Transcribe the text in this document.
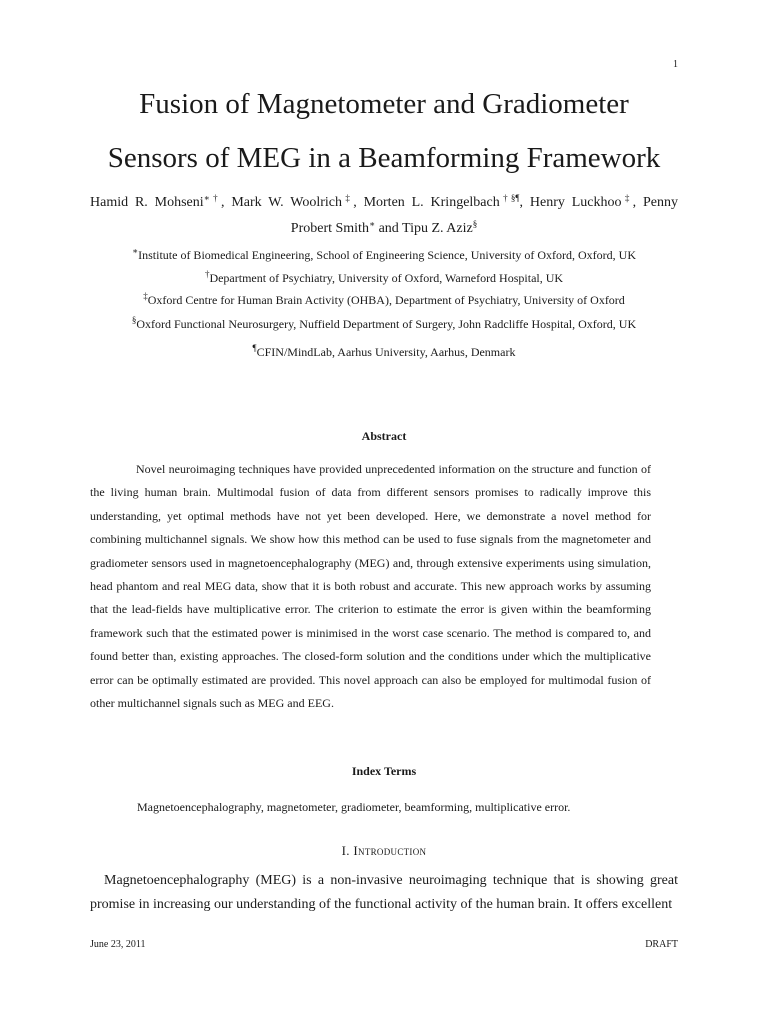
1
Fusion of Magnetometer and Gradiometer
Sensors of MEG in a Beamforming Framework
Hamid R. Mohseni∗†, Mark W. Woolrich‡, Morten L. Kringelbach†§¶, Henry Luckhoo‡, Penny
Probert Smith∗ and Tipu Z. Aziz§
∗Institute of Biomedical Engineering, School of Engineering Science, University of Oxford, Oxford, UK
†Department of Psychiatry, University of Oxford, Warneford Hospital, UK
‡Oxford Centre for Human Brain Activity (OHBA), Department of Psychiatry, University of Oxford
§Oxford Functional Neurosurgery, Nuffield Department of Surgery, John Radcliffe Hospital, Oxford, UK
¶CFIN/MindLab, Aarhus University, Aarhus, Denmark
Abstract
Novel neuroimaging techniques have provided unprecedented information on the structure and function of the living human brain. Multimodal fusion of data from different sensors promises to radically improve this understanding, yet optimal methods have not yet been developed. Here, we demonstrate a novel method for combining multichannel signals. We show how this method can be used to fuse signals from the magnetometer and gradiometer sensors used in magnetoencephalography (MEG) and, through extensive experiments using simulation, head phantom and real MEG data, show that it is both robust and accurate. This new approach works by assuming that the lead-fields have multiplicative error. The criterion to estimate the error is given within the beamforming framework such that the estimated power is minimised in the worst case scenario. The method is compared to, and found better than, existing approaches. The closed-form solution and the conditions under which the multiplicative error can be optimally estimated are provided. This novel approach can also be employed for multimodal fusion of other multichannel signals such as MEG and EEG.
Index Terms
Magnetoencephalography, magnetometer, gradiometer, beamforming, multiplicative error.
I. Introduction
Magnetoencephalography (MEG) is a non-invasive neuroimaging technique that is showing great promise in increasing our understanding of the functional activity of the human brain. It offers excellent
June 23, 2011	DRAFT
